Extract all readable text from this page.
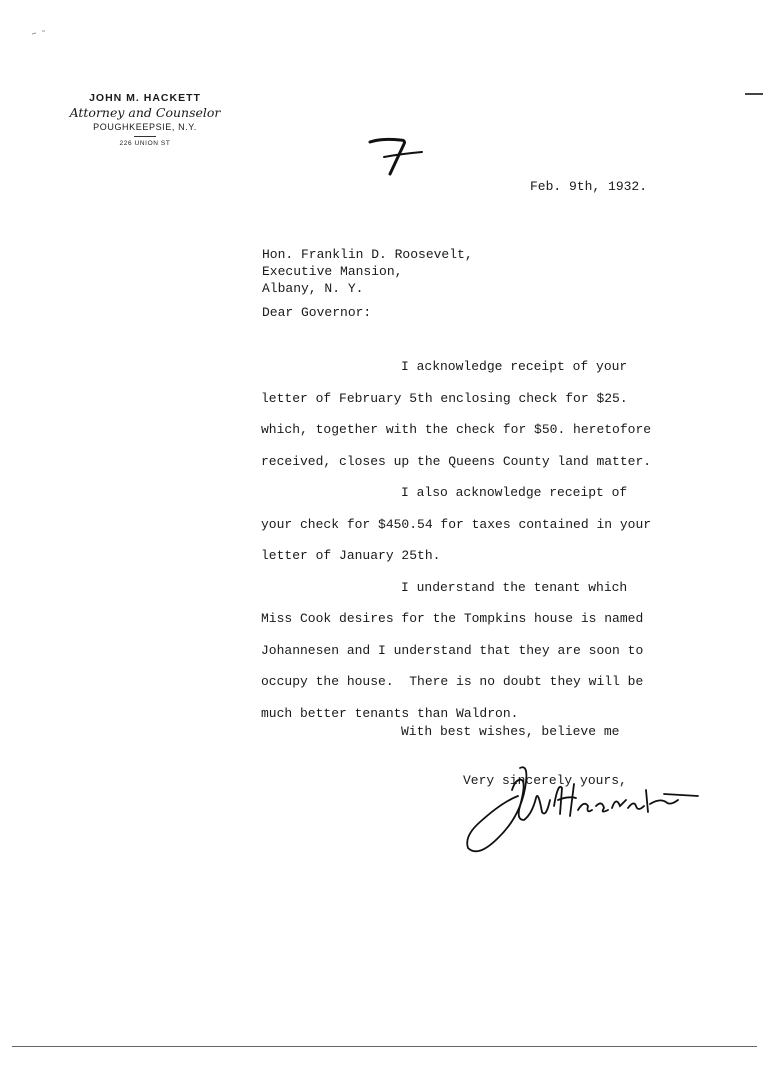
JOHN M. HACKETT
Attorney and Counselor
POUGHKEEPSIE, N.Y.
226 UNION ST
Feb. 9th, 1932.
Hon. Franklin D. Roosevelt,
Executive Mansion,
Albany, N. Y.
Dear Governor:
I acknowledge receipt of your
letter of February 5th enclosing check for $25.
which, together with the check for $50. heretofore
received, closes up the Queens County land matter.
I also acknowledge receipt of
your check for $450.54 for taxes contained in your
letter of January 25th.
I understand the tenant which
Miss Cook desires for the Tompkins house is named
Johannesen and I understand that they are soon to
occupy the house.  There is no doubt they will be
much better tenants than Waldron.
With best wishes, believe me
Very sincerely yours,
